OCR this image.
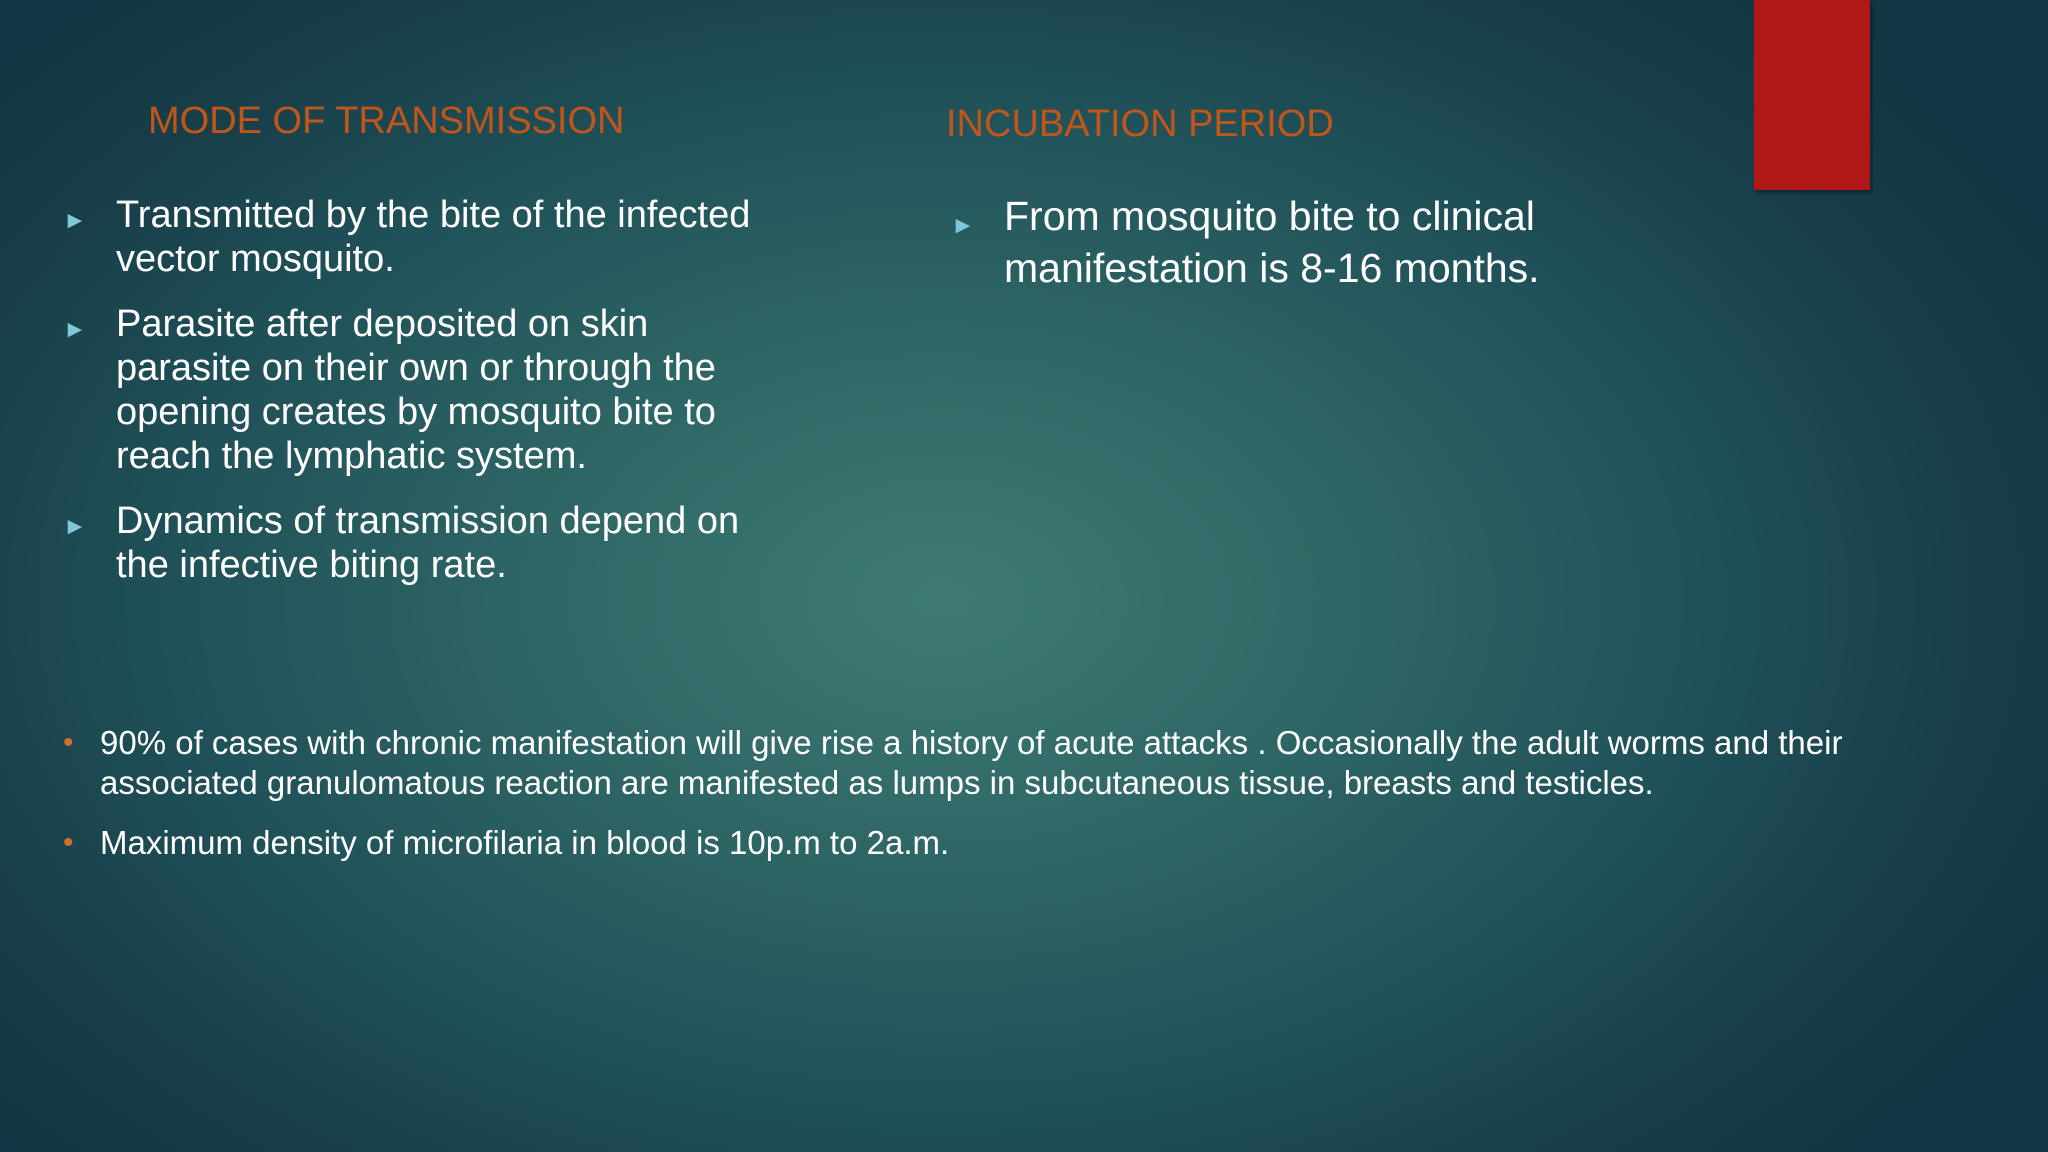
MODE OF TRANSMISSION	INCUBATION PERIOD
► Transmitted by the bite of the infected vector mosquito.
► Parasite after deposited on skin parasite on their own or through the opening creates by mosquito bite to reach the lymphatic system.
► Dynamics of transmission depend on the infective biting rate.
► From mosquito bite to clinical manifestation is 8-16 months.
• 90% of cases with chronic manifestation will give rise a history of acute attacks . Occasionally the adult worms and their associated granulomatous reaction are manifested as lumps in subcutaneous tissue, breasts and testicles.
• Maximum density of microfilaria in blood is 10p.m to 2a.m.
